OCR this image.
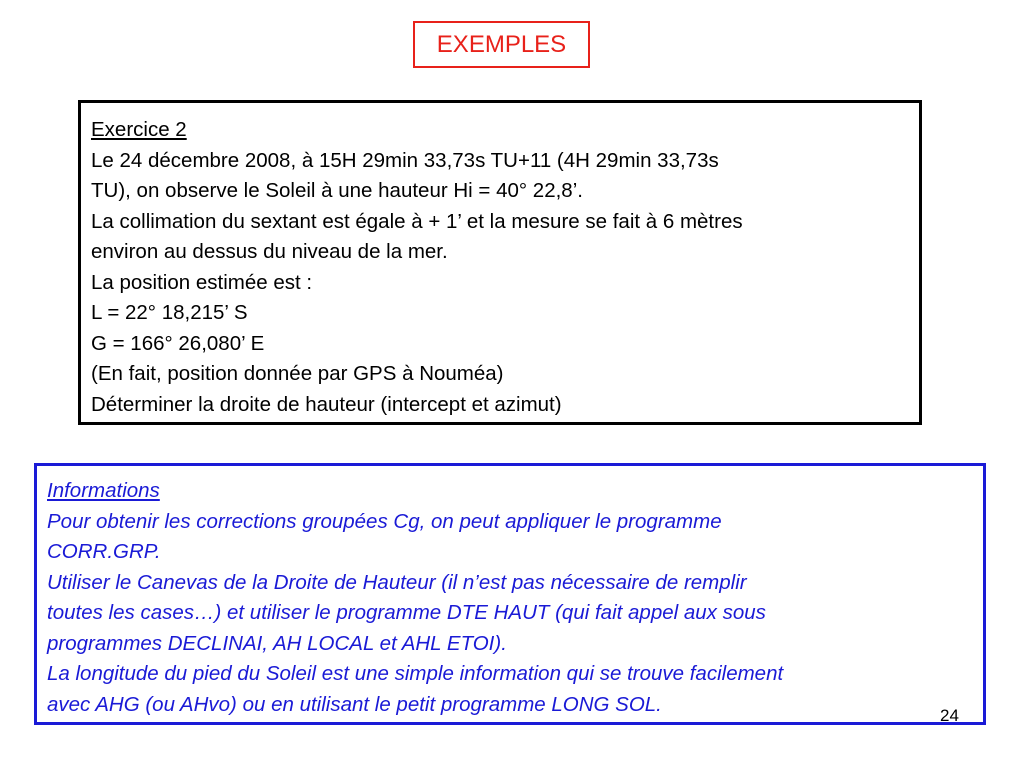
EXEMPLES
Exercice 2
Le 24 décembre 2008, à 15H 29min 33,73s TU+11 (4H 29min 33,73s
TU), on observe le Soleil à une hauteur Hi = 40° 22,8’.
La collimation du sextant est égale à + 1’ et la mesure se fait à 6 mètres
environ au dessus du niveau de la mer.
La position estimée est :
L = 22° 18,215’ S
G = 166° 26,080’ E
(En fait, position donnée par GPS à Nouméa)
Déterminer la droite de hauteur (intercept et azimut)
Informations
Pour obtenir les corrections groupées Cg, on peut appliquer le programme
CORR.GRP.
Utiliser le Canevas de la Droite de Hauteur (il n’est pas nécessaire de remplir
toutes les cases…) et utiliser le programme DTE HAUT (qui fait appel aux sous
programmes DECLINAI, AH LOCAL et AHL ETOI).
La longitude du pied du Soleil est une simple information qui se trouve facilement
avec AHG (ou AHvo) ou en utilisant le petit programme LONG SOL.	24
